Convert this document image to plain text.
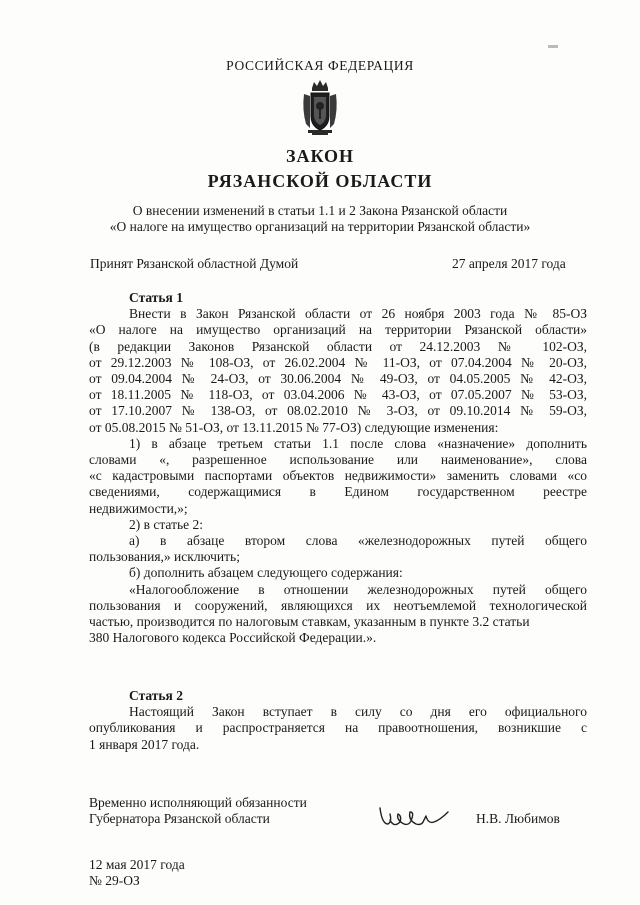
РОССИЙСКАЯ ФЕДЕРАЦИЯ
ЗАКОН
РЯЗАНСКОЙ ОБЛАСТИ
О внесении изменений в статьи 1.1 и 2 Закона Рязанской области
«О налоге на имущество организаций на территории Рязанской области»
Принят Рязанской областной Думой	27 апреля 2017 года
Статья 1
Внести в Закон Рязанской области от 26 ноября 2003 года № 85-ОЗ
«О налоге на имущество организаций на территории Рязанской области»
(в редакции Законов Рязанской области от 24.12.2003 № 102-ОЗ,
от 29.12.2003 № 108-ОЗ, от 26.02.2004 № 11-ОЗ, от 07.04.2004 № 20-ОЗ,
от 09.04.2004 № 24-ОЗ, от 30.06.2004 № 49-ОЗ, от 04.05.2005 № 42-ОЗ,
от 18.11.2005 № 118-ОЗ, от 03.04.2006 № 43-ОЗ, от 07.05.2007 № 53-ОЗ,
от 17.10.2007 № 138-ОЗ, от 08.02.2010 № 3-ОЗ, от 09.10.2014 № 59-ОЗ,
от 05.08.2015 № 51-ОЗ, от 13.11.2015 № 77-ОЗ) следующие изменения:
1) в абзаце третьем статьи 1.1 после слова «назначение» дополнить
словами «, разрешенное использование или наименование», слова
«с кадастровыми паспортами объектов недвижимости» заменить словами «со
сведениями, содержащимися в Едином государственном реестре
недвижимости,»;
2) в статье 2:
а) в абзаце втором слова «железнодорожных путей общего
пользования,» исключить;
б) дополнить абзацем следующего содержания:
«Налогообложение в отношении железнодорожных путей общего
пользования и сооружений, являющихся их неотъемлемой технологической
частью, производится по налоговым ставкам, указанным в пункте 3.2 статьи
380 Налогового кодекса Российской Федерации.».
Статья 2
Настоящий Закон вступает в силу со дня его официального
опубликования и распространяется на правоотношения, возникшие с
1 января 2017 года.
Временно исполняющий обязанности
Губернатора Рязанской области	Н.В. Любимов
12 мая 2017 года
№ 29-ОЗ
